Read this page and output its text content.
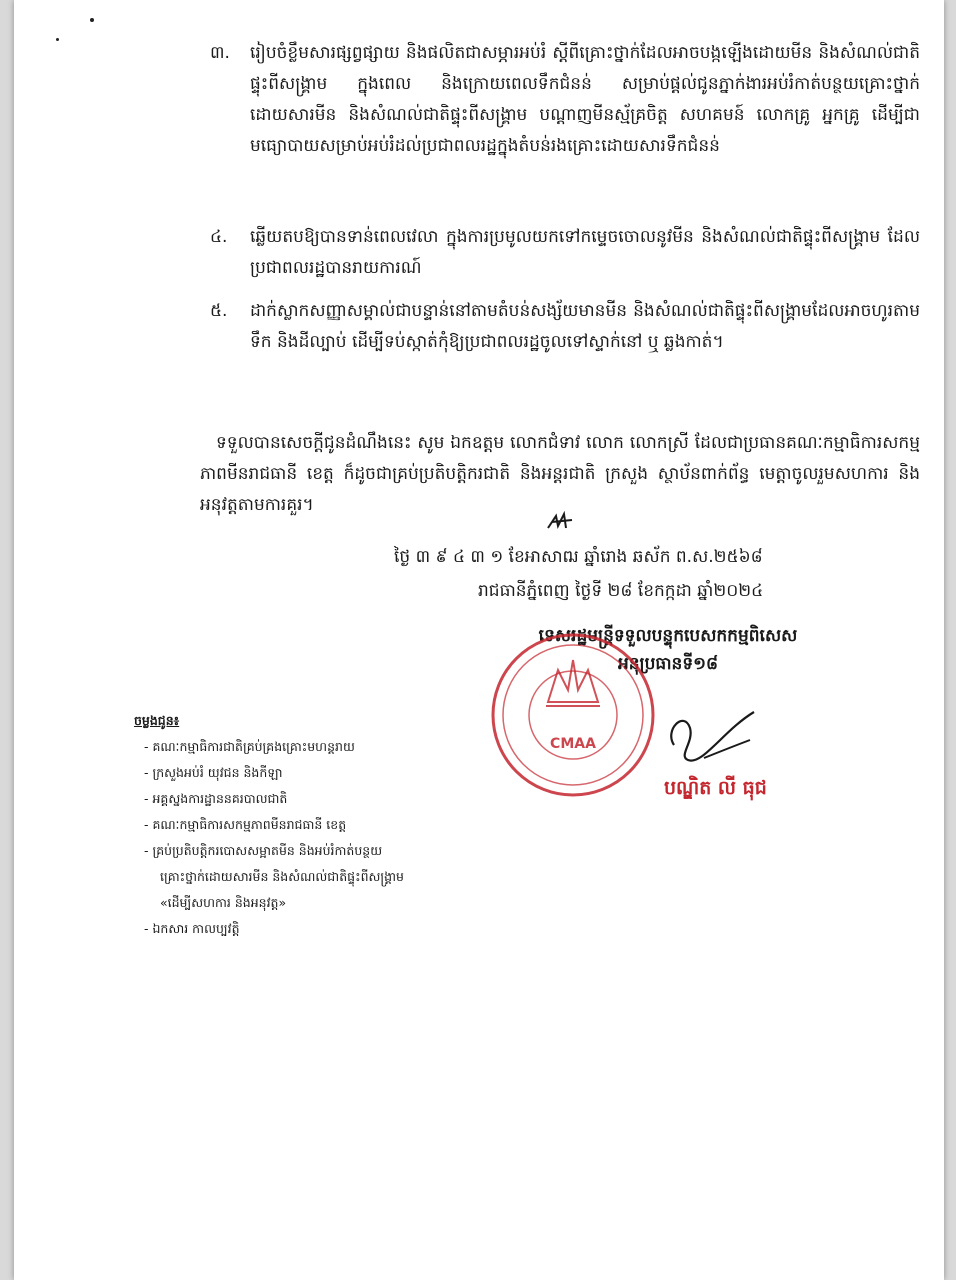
៣.	រៀបចំខ្លឹមសារផ្សព្វផ្សាយ និងផលិតជាសម្ភារអប់រំ ស្តីពីគ្រោះថ្នាក់ដែលអាចបង្កឡើងដោយមីន និងសំណល់ជាតិផ្ទុះពីសង្គ្រាម ក្នុងពេល និងក្រោយពេលទឹកជំនន់ សម្រាប់ផ្តល់ជូនភ្នាក់ងារអប់រំកាត់បន្ថយគ្រោះថ្នាក់ដោយសារមីន និងសំណល់ជាតិផ្ទុះពីសង្គ្រាម បណ្តាញមីនស្ម័គ្រចិត្ត សហគមន៍ លោកគ្រូ អ្នកគ្រូ ដើម្បីជាមធ្យោបាយសម្រាប់អប់រំដល់ប្រជាពលរដ្ឋក្នុងតំបន់រងគ្រោះដោយសារទឹកជំនន់
៤.	ឆ្លើយតបឱ្យបានទាន់ពេលវេលា ក្នុងការប្រមូលយកទៅកម្ទេចចោលនូវមីន និងសំណល់ជាតិផ្ទុះពីសង្គ្រាម ដែលប្រជាពលរដ្ឋបានរាយការណ៍
៥.	ដាក់ស្លាកសញ្ញាសម្គាល់ជាបន្ទាន់នៅតាមតំបន់សង្ស័យមានមីន និងសំណល់ជាតិផ្ទុះពីសង្គ្រាមដែលអាចហូរតាមទឹក និងដីល្បាប់ ដើម្បីទប់ស្កាត់កុំឱ្យប្រជាពលរដ្ឋចូលទៅស្ទាក់នៅ ឬ ឆ្លងកាត់។
ទទួលបានសេចក្តីជូនដំណឹងនេះ សូម ឯកឧត្តម លោកជំទាវ លោក លោកស្រី ដែលជាប្រធានគណៈកម្មាធិការសកម្មភាពមីនរាជធានី ខេត្ត ក៏ដូចជាគ្រប់ប្រតិបត្តិករជាតិ និងអន្តរជាតិ ក្រសួង ស្ថាប័នពាក់ព័ន្ធ មេត្តាចូលរួមសហការ និងអនុវត្តតាមការគួរ។
ថ្ងៃ ៣ ៩ ៤ ៣ ១ ខែអាសាឍ ឆ្នាំរោង ឆស័ក ព.ស.២៥៦៨
រាជធានីភ្នំពេញ ថ្ងៃទី ២៨ ខែកក្កដា ឆ្នាំ២០២៤
ទេសរដ្ឋមន្ត្រីទទួលបន្ទុកបេសកកម្មពិសេស
អនុប្រធានទី១៨
CMAA
បណ្ឌិត លី ធុជ
ចម្លងជូន៖
- គណៈកម្មាធិការជាតិគ្រប់គ្រងគ្រោះមហន្តរាយ
- ក្រសួងអប់រំ យុវជន និងកីឡា
- អគ្គស្នងការដ្ឋាននគរបាលជាតិ
- គណៈកម្មាធិការសកម្មភាពមីនរាជធានី ខេត្ត
- គ្រប់ប្រតិបត្តិករបោសសម្អាតមីន និងអប់រំកាត់បន្ថយ
គ្រោះថ្នាក់ដោយសារមីន និងសំណល់ជាតិផ្ទុះពីសង្គ្រាម
«ដើម្បីសហការ និងអនុវត្ត»
- ឯកសារ កាលប្បវត្តិ
